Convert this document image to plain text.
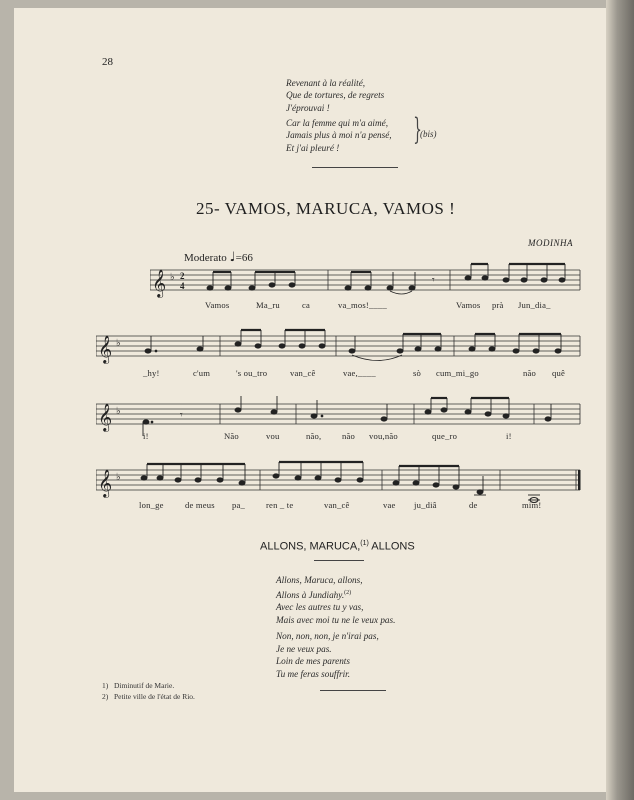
28
Revenant à la réalité,
Que de tortures, de regrets
J'éprouvai !
Car la femme qui m'a aimé,
Jamais plus à moi n'a pensé,
Et j'ai pleuré !
}
(bis)
25- VAMOS, MARUCA, VAMOS !
MODINHA
Moderato ♩=66
𝄞 ♭ 2
4	𝄾
Vamos	Ma_ru	ca	va_mos!____	Vamos prà Jun_dia_
𝄞 ♭
_hy!	c'um	's ou_tro	van_cê	vae,____	sò cum_mi_go	não quê
𝄞 ♭	𝄾
i!	Não	vou	não, não vou,não	que_ro	i!
𝄞 ♭
lon_ge de meus pa_ ren _ te	van_cê	vae ju_diâ	de	mim!
ALLONS, MARUCA,$^{(1)}$ ALLONS
Allons, Maruca, allons,
Allons à Jundiahy.$^{(2)}$
Avec les autres tu y vas,
Mais avec moi tu ne le veux pas.
Non, non, non, je n'irai pas,
Je ne veux pas.
Loin de mes parents
Tu me feras souffrir.
1) Diminutif de Marie.
2) Petite ville de l'état de Rio.
